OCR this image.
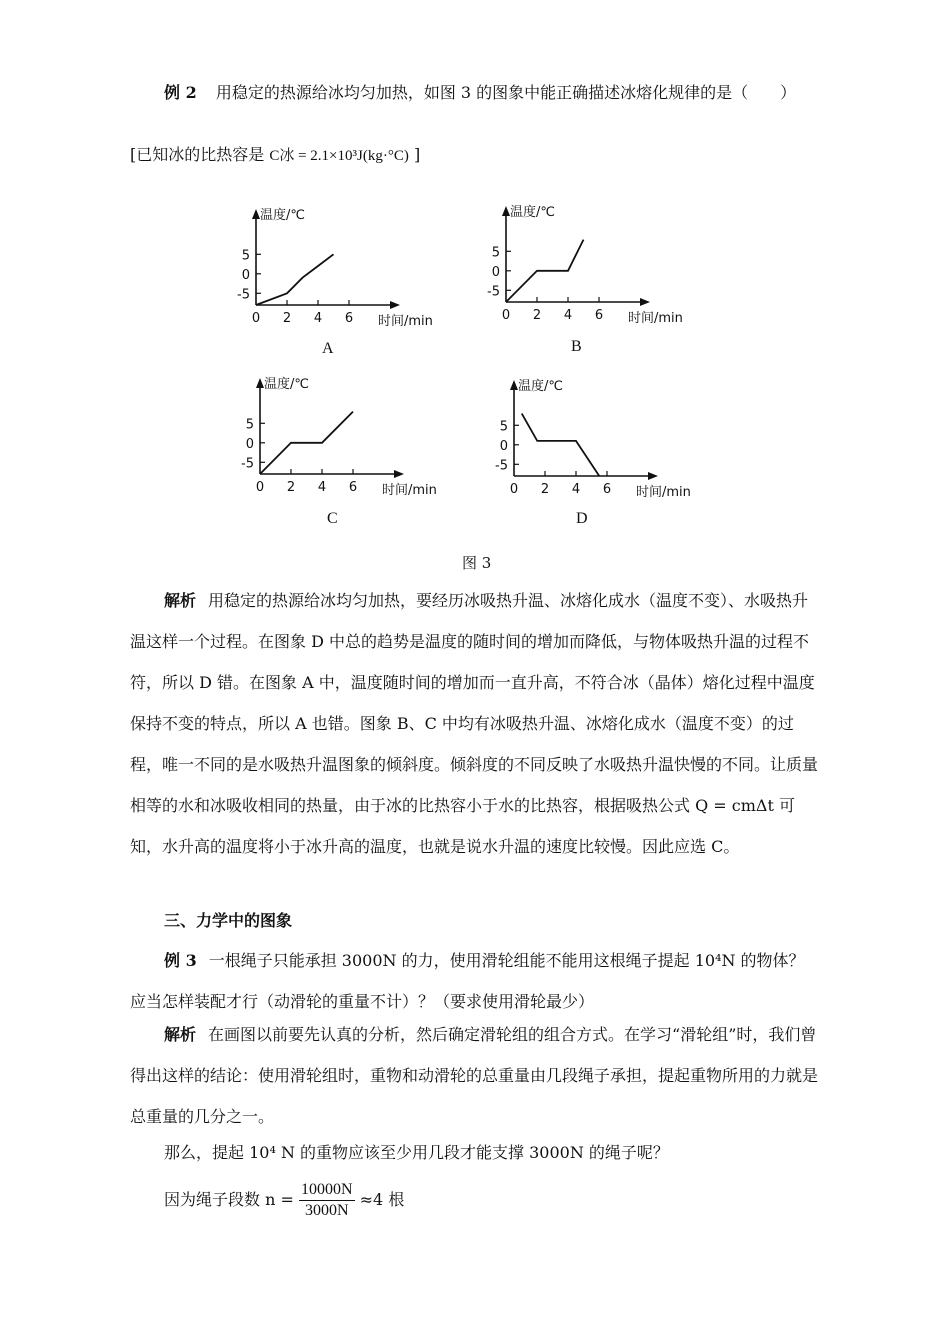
例 2 用稳定的热源给冰均匀加热，如图 3 的图象中能正确描述冰熔化规律的是（　　）
[已知冰的比热容是 C冰 = 2.1×10³J(kg·°C) ]
5
0
-5
0 2 4 6
温度/℃
时间/min
A
5
0
-5
0 2 4 6
温度/℃
时间/min
B
5
0
-5
0 2 4 6
温度/℃
时间/min
C
5
0
-5
0 2 4 6
温度/℃
时间/min
D
图 3
解析 用稳定的热源给冰均匀加热，要经历冰吸热升温、冰熔化成水（温度不变）、水吸热升温这样一个过程。在图象 D 中总的趋势是温度的随时间的增加而降低，与物体吸热升温的过程不符，所以 D 错。在图象 A 中，温度随时间的增加而一直升高，不符合冰（晶体）熔化过程中温度保持不变的特点，所以 A 也错。图象 B、C 中均有冰吸热升温、冰熔化成水（温度不变）的过程，唯一不同的是水吸热升温图象的倾斜度。倾斜度的不同反映了水吸热升温快慢的不同。让质量相等的水和冰吸收相同的热量，由于冰的比热容小于水的比热容，根据吸热公式 Q = cmΔt 可知，水升高的温度将小于冰升高的温度，也就是说水升温的速度比较慢。因此应选 C。
三、力学中的图象
例 3 一根绳子只能承担 3000N 的力，使用滑轮组能不能用这根绳子提起 10⁴N 的物体？应当怎样装配才行（动滑轮的重量不计）？（要求使用滑轮最少）
解析 在画图以前要先认真的分析，然后确定滑轮组的组合方式。在学习“滑轮组”时，我们曾得出这样的结论：使用滑轮组时，重物和动滑轮的总重量由几段绳子承担，提起重物所用的力就是总重量的几分之一。
那么，提起 10⁴ N 的重物应该至少用几段才能支撑 3000N 的绳子呢？
因为绳子段数 $n = \frac{10000N}{3000N} \approx 4$ 根
